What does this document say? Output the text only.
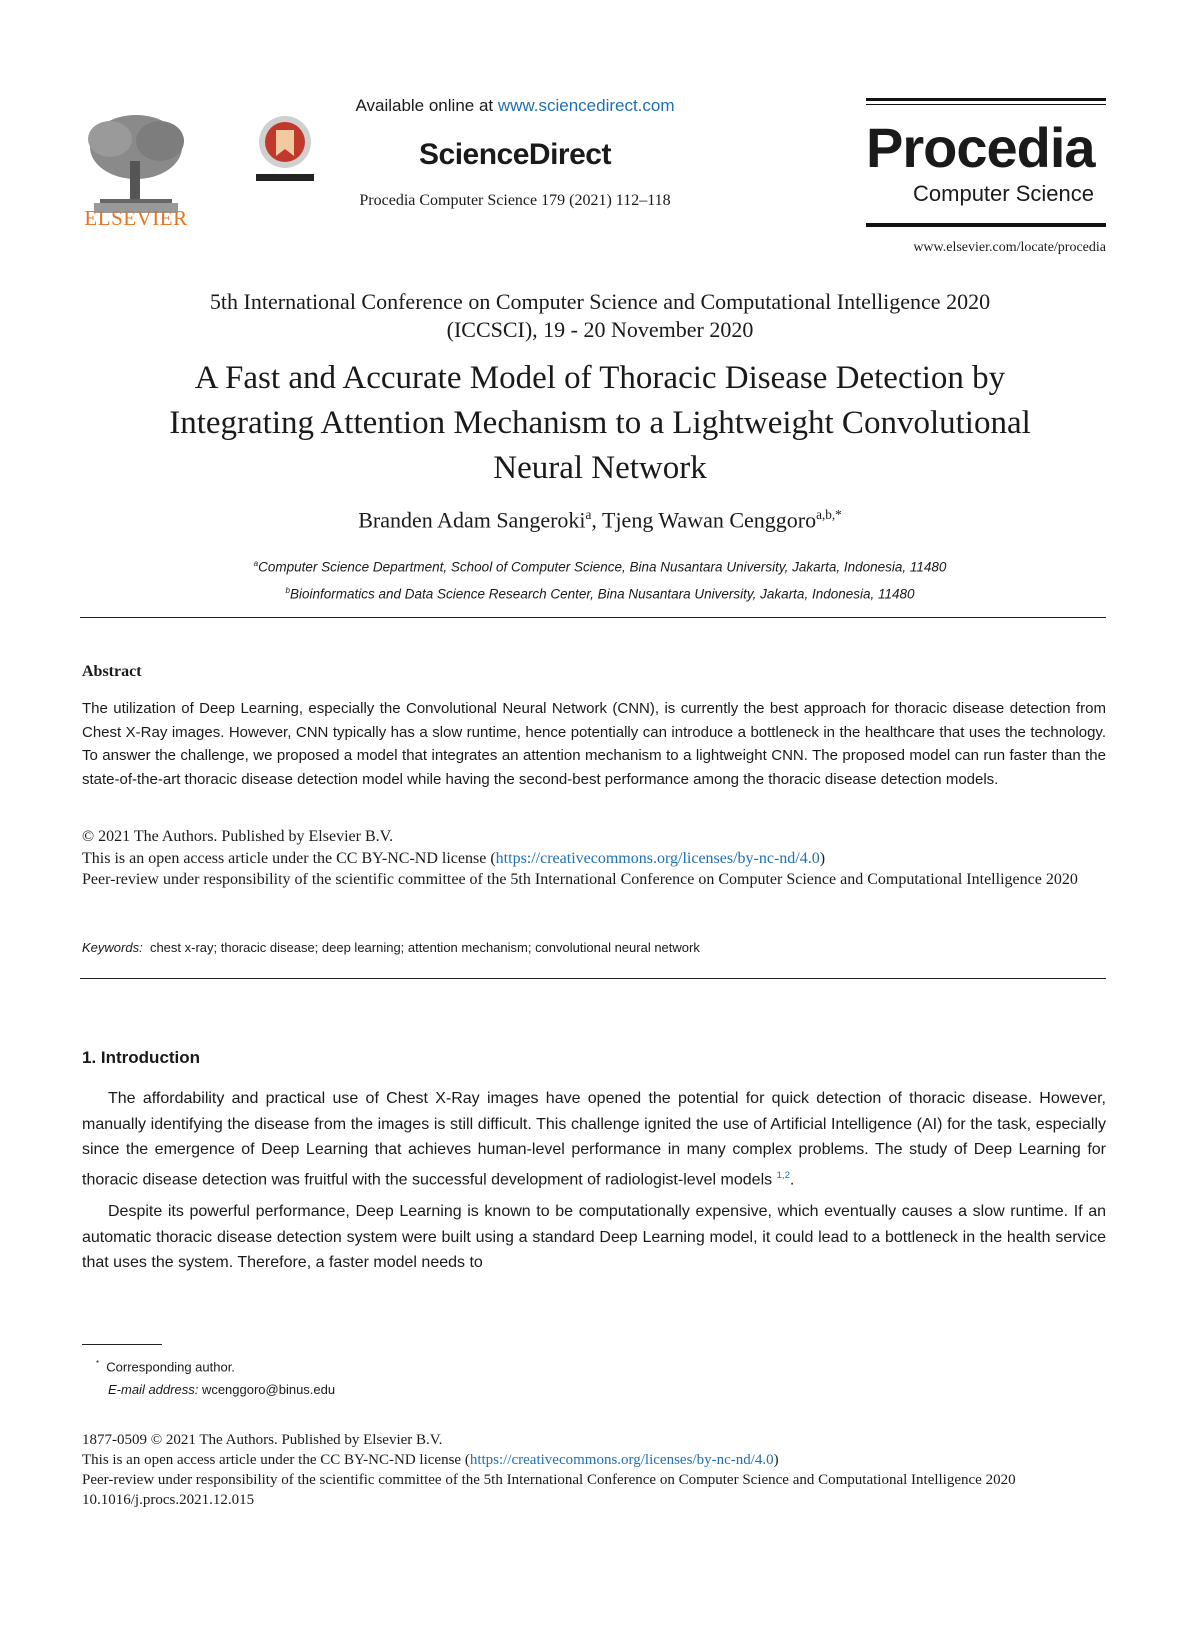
ELSEVIER
Available online at www.sciencedirect.com
ScienceDirect
Procedia Computer Science 179 (2021) 112–118
Procedia
Computer Science
www.elsevier.com/locate/procedia
5th International Conference on Computer Science and Computational Intelligence 2020
(ICCSCI), 19 - 20 November 2020
A Fast and Accurate Model of Thoracic Disease Detection by
Integrating Attention Mechanism to a Lightweight Convolutional
Neural Network
Branden Adam Sangeroki$^a$, Tjeng Wawan Cenggoro$^{a,b,*}$
$^a$Computer Science Department, School of Computer Science, Bina Nusantara University, Jakarta, Indonesia, 11480
$^b$Bioinformatics and Data Science Research Center, Bina Nusantara University, Jakarta, Indonesia, 11480
Abstract
The utilization of Deep Learning, especially the Convolutional Neural Network (CNN), is currently the best approach for thoracic disease detection from Chest X-Ray images. However, CNN typically has a slow runtime, hence potentially can introduce a bottleneck in the healthcare that uses the technology. To answer the challenge, we proposed a model that integrates an attention mechanism to a lightweight CNN. The proposed model can run faster than the state-of-the-art thoracic disease detection model while having the second-best performance among the thoracic disease detection models.
© 2021 The Authors. Published by Elsevier B.V.
This is an open access article under the CC BY-NC-ND license (https://creativecommons.org/licenses/by-nc-nd/4.0)
Peer-review under responsibility of the scientific committee of the 5th International Conference on Computer Science and Computational Intelligence 2020
Keywords: chest x-ray; thoracic disease; deep learning; attention mechanism; convolutional neural network
1. Introduction

The affordability and practical use of Chest X-Ray images have opened the potential for quick detection of thoracic disease. However, manually identifying the disease from the images is still difficult. This challenge ignited the use of Artificial Intelligence (AI) for the task, especially since the emergence of Deep Learning that achieves human-level performance in many complex problems. The study of Deep Learning for thoracic disease detection was fruitful with the successful development of radiologist-level models $^{1,2}$.

Despite its powerful performance, Deep Learning is known to be computationally expensive, which eventually causes a slow runtime. If an automatic thoracic disease detection system were built using a standard Deep Learning model, it could lead to a bottleneck in the health service that uses the system. Therefore, a faster model needs to

* Corresponding author.
E-mail address: wcenggoro@binus.edu
1877-0509 © 2021 The Authors. Published by Elsevier B.V.
This is an open access article under the CC BY-NC-ND license (https://creativecommons.org/licenses/by-nc-nd/4.0)
Peer-review under responsibility of the scientific committee of the 5th International Conference on Computer Science and Computational Intelligence 2020
10.1016/j.procs.2021.12.015
